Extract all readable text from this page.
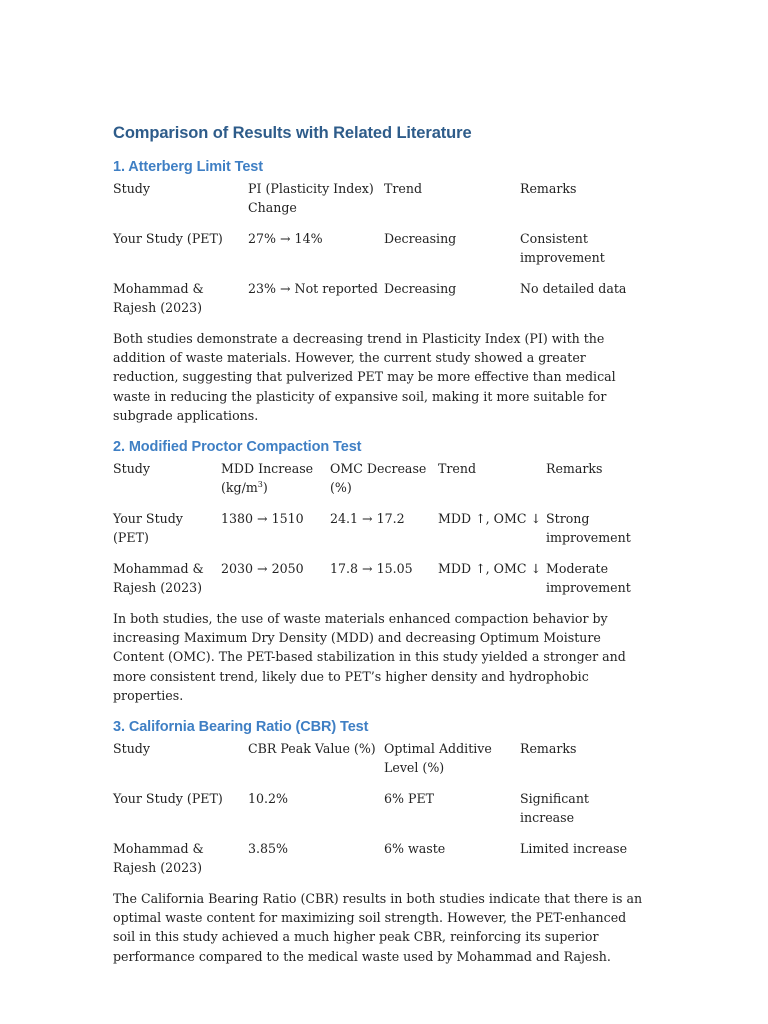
Comparison of Results with Related Literature
1. Atterberg Limit Test
Study	PI (Plasticity Index) Change	Trend	Remarks
Your Study (PET)	27% → 14%	Decreasing	Consistent improvement
Mohammad & Rajesh (2023)	23% → Not reported	Decreasing	No detailed data

Both studies demonstrate a decreasing trend in Plasticity Index (PI) with the addition of waste materials. However, the current study showed a greater reduction, suggesting that pulverized PET may be more effective than medical waste in reducing the plasticity of expansive soil, making it more suitable for subgrade applications.

2. Modified Proctor Compaction Test
Study	MDD Increase $(kg/m^3)$	OMC Decrease (%)	Trend	Remarks
Your Study (PET)	1380 → 1510	24.1 → 17.2	MDD ↑, OMC ↓	Strong improvement
Mohammad & Rajesh (2023)	2030 → 2050	17.8 → 15.05	MDD ↑, OMC ↓	Moderate improvement

In both studies, the use of waste materials enhanced compaction behavior by increasing Maximum Dry Density (MDD) and decreasing Optimum Moisture Content (OMC). The PET-based stabilization in this study yielded a stronger and more consistent trend, likely due to PET’s higher density and hydrophobic properties.

3. California Bearing Ratio (CBR) Test
Study	CBR Peak Value (%)	Optimal Additive Level (%)	Remarks
Your Study (PET)	10.2%	6% PET	Significant increase
Mohammad & Rajesh (2023)	3.85%	6% waste	Limited increase

The California Bearing Ratio (CBR) results in both studies indicate that there is an optimal waste content for maximizing soil strength. However, the PET-enhanced soil in this study achieved a much higher peak CBR, reinforcing its superior performance compared to the medical waste used by Mohammad and Rajesh.
